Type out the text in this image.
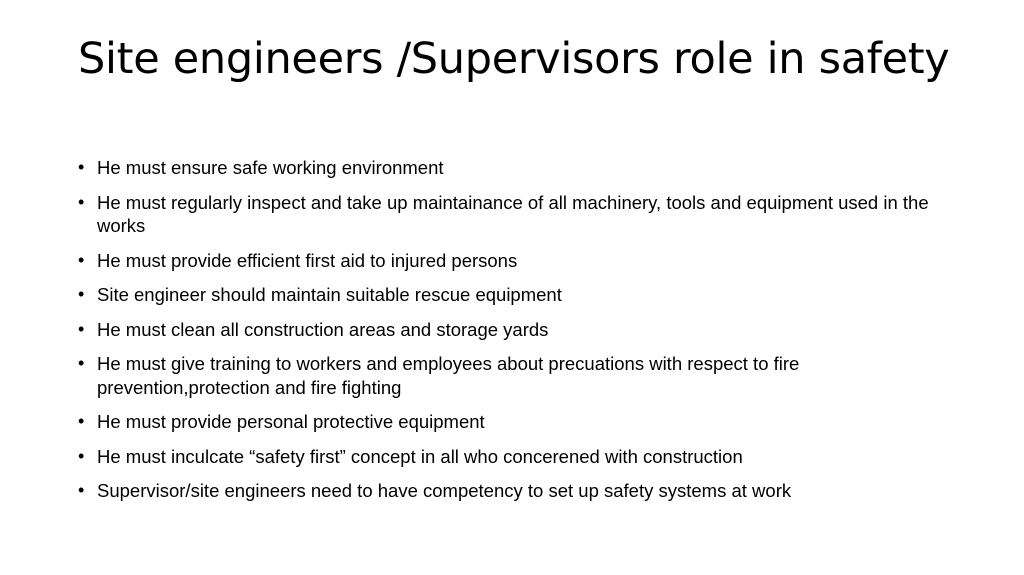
Site engineers /Supervisors role in safety
• He must ensure safe working environment
• He must regularly inspect and take up maintainance of all machinery, tools and equipment used in the works
• He must provide efficient first aid to injured persons
• Site engineer should maintain suitable rescue equipment
• He must clean all construction areas and storage yards
• He must give training to workers and employees about precuations with respect to fire prevention,protection and fire fighting
• He must provide personal protective equipment
• He must inculcate “safety first” concept in all who concerened with construction
• Supervisor/site engineers need to have competency to set up safety systems at work
